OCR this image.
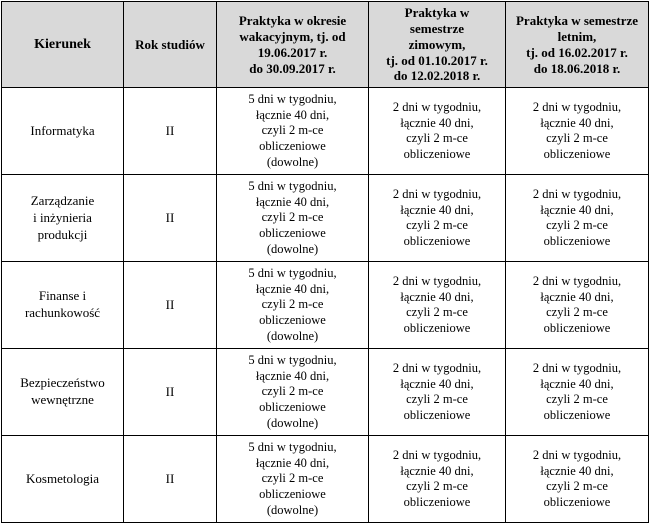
Kierunek	Rok studiów	Praktyka w okresie
wakacyjnym, tj. od
19.06.2017 r.
do 30.09.2017 r.	Praktyka w
semestrze
zimowym,
tj. od 01.10.2017 r.
do 12.02.2018 r.	Praktyka w semestrze
letnim,
tj. od 16.02.2017 r.
do 18.06.2018 r.

Informatyka	II	5 dni w tygodniu,
łącznie 40 dni,
czyli 2 m-ce
obliczeniowe
(dowolne)	2 dni w tygodniu,
łącznie 40 dni,
czyli 2 m-ce
obliczeniowe	2 dni w tygodniu,
łącznie 40 dni,
czyli 2 m-ce
obliczeniowe

Zarządzanie
i inżynieria
produkcji	II	5 dni w tygodniu,
łącznie 40 dni,
czyli 2 m-ce
obliczeniowe
(dowolne)	2 dni w tygodniu,
łącznie 40 dni,
czyli 2 m-ce
obliczeniowe	2 dni w tygodniu,
łącznie 40 dni,
czyli 2 m-ce
obliczeniowe

Finanse i
rachunkowość	II	5 dni w tygodniu,
łącznie 40 dni,
czyli 2 m-ce
obliczeniowe
(dowolne)	2 dni w tygodniu,
łącznie 40 dni,
czyli 2 m-ce
obliczeniowe	2 dni w tygodniu,
łącznie 40 dni,
czyli 2 m-ce
obliczeniowe

Bezpieczeństwo
wewnętrzne	II	5 dni w tygodniu,
łącznie 40 dni,
czyli 2 m-ce
obliczeniowe
(dowolne)	2 dni w tygodniu,
łącznie 40 dni,
czyli 2 m-ce
obliczeniowe	2 dni w tygodniu,
łącznie 40 dni,
czyli 2 m-ce
obliczeniowe

Kosmetologia	II	5 dni w tygodniu,
łącznie 40 dni,
czyli 2 m-ce
obliczeniowe
(dowolne)	2 dni w tygodniu,
łącznie 40 dni,
czyli 2 m-ce
obliczeniowe	2 dni w tygodniu,
łącznie 40 dni,
czyli 2 m-ce
obliczeniowe
